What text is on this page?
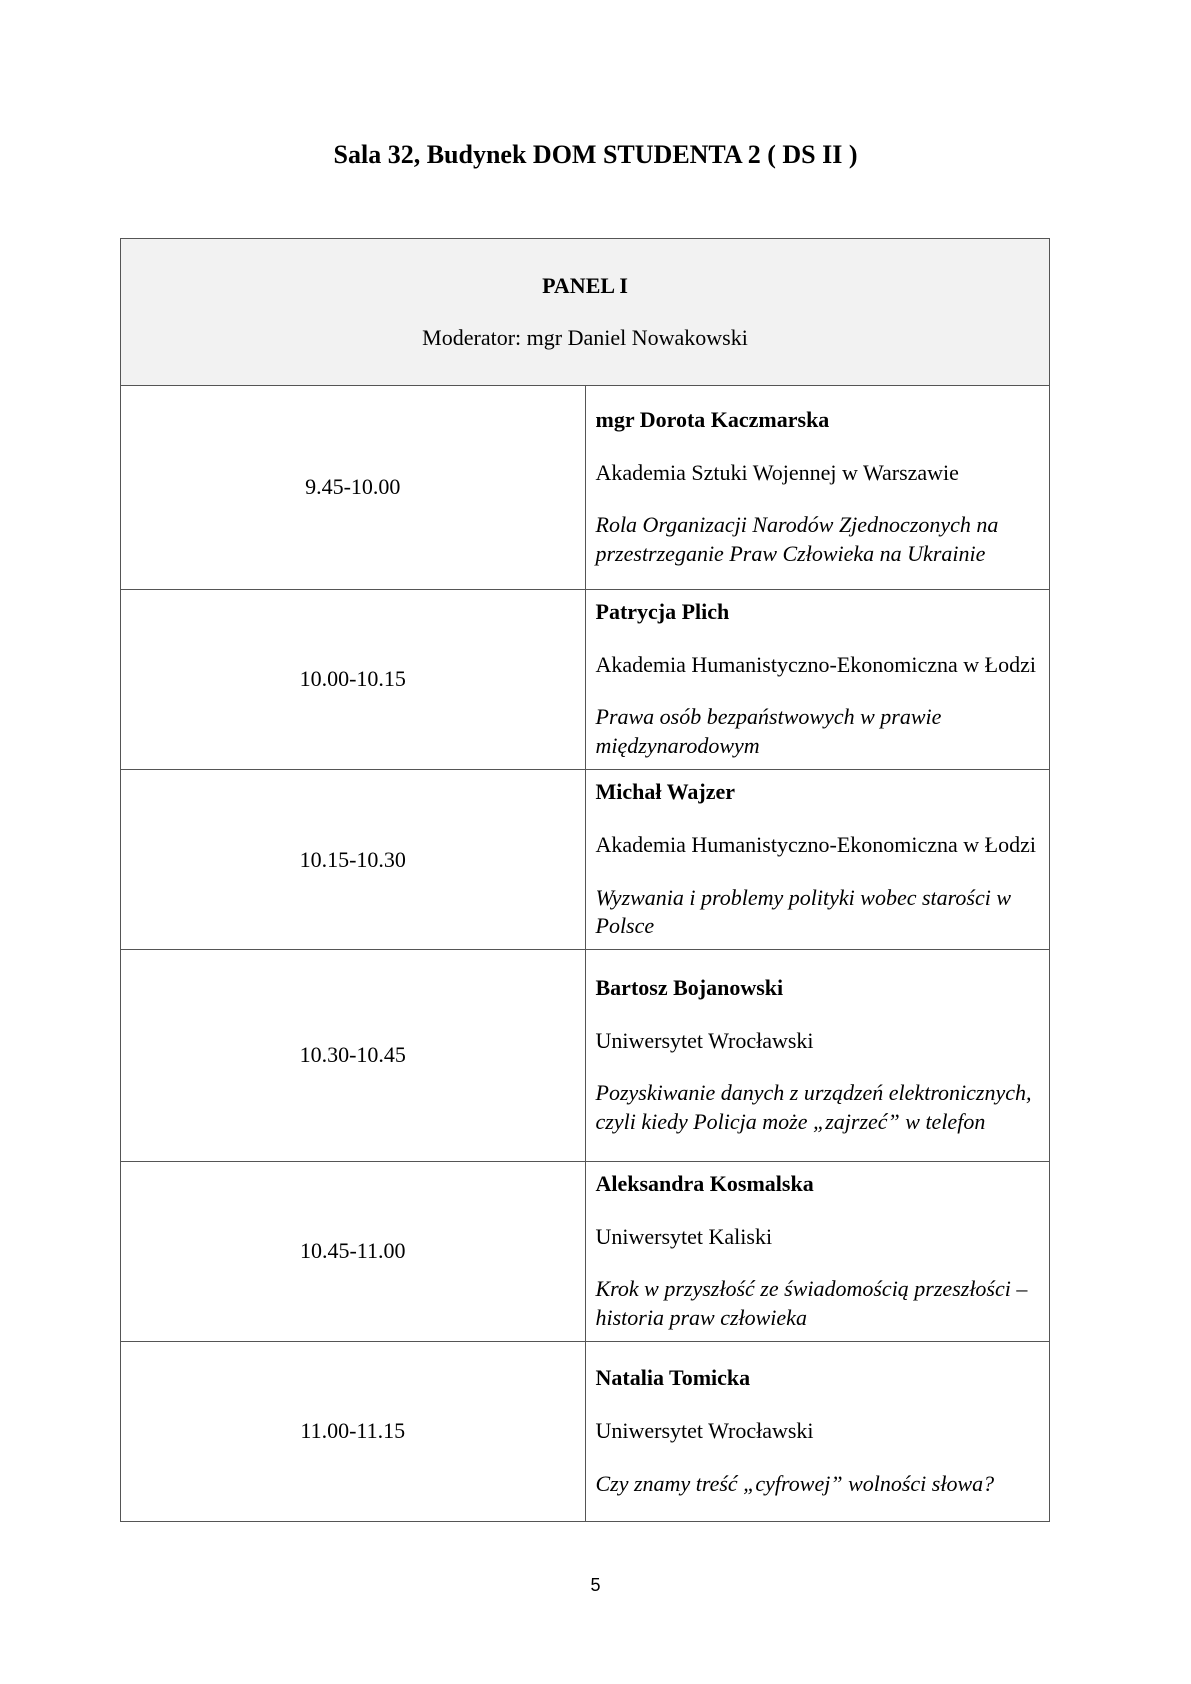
Sala 32, Budynek DOM STUDENTA 2 ( DS II )
PANEL I
Moderator: mgr Daniel Nowakowski	

9.45-10.00	mgr Dorota Kaczmarska
Akademia Sztuki Wojennej w Warszawie
Rola Organizacji Narodów Zjednoczonych na przestrzeganie Praw Człowieka na Ukrainie

10.00-10.15	Patrycja Plich
Akademia Humanistyczno-Ekonomiczna w Łodzi
Prawa osób bezpaństwowych w prawie międzynarodowym

10.15-10.30	Michał Wajzer
Akademia Humanistyczno-Ekonomiczna w Łodzi
Wyzwania i problemy polityki wobec starości w Polsce

10.30-10.45	Bartosz Bojanowski
Uniwersytet Wrocławski
Pozyskiwanie danych z urządzeń elektronicznych, czyli kiedy Policja może „zajrzeć” w telefon

10.45-11.00	Aleksandra Kosmalska
Uniwersytet Kaliski
Krok w przyszłość ze świadomością przeszłości – historia praw człowieka

11.00-11.15	Natalia Tomicka
Uniwersytet Wrocławski
Czy znamy treść „cyfrowej” wolności słowa?
5
